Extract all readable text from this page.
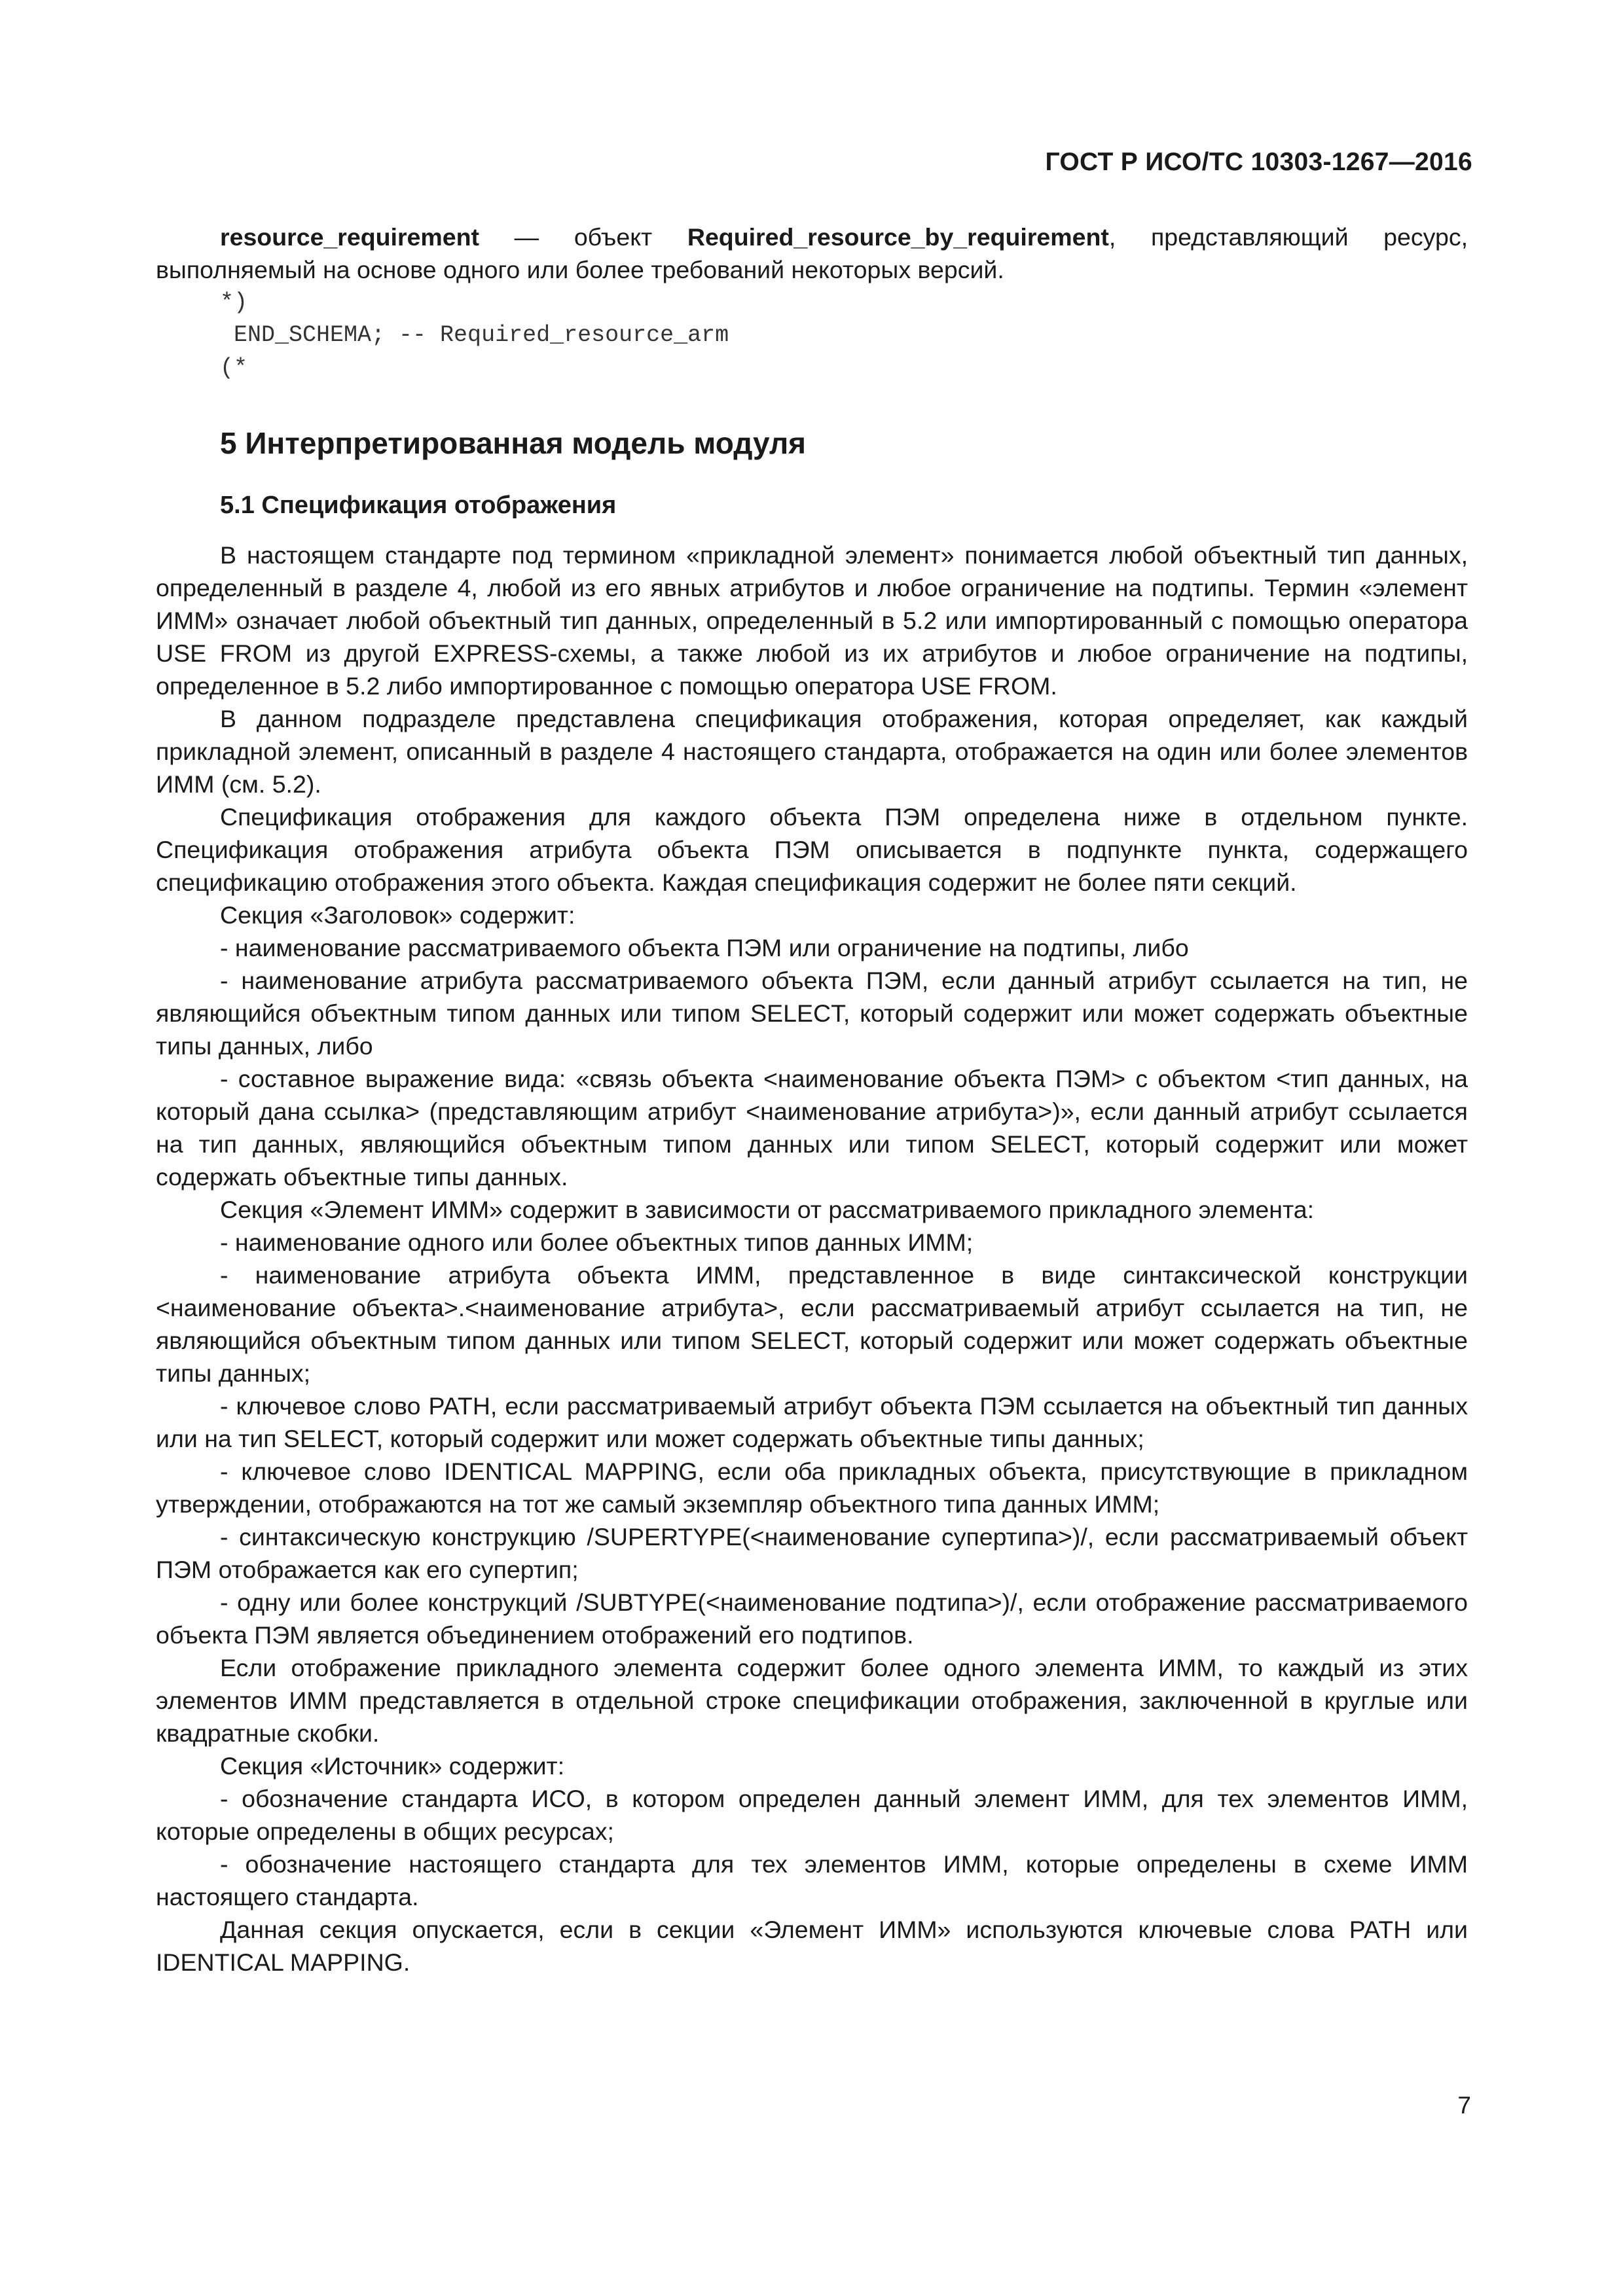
ГОСТ Р ИСО/ТС 10303-1267—2016

resource_requirement — объект Required_resource_by_requirement, представляющий ресурс, выполняемый на основе одного или более требований некоторых версий.

*)
END_SCHEMA; -- Required_resource_arm
(*
5 Интерпретированная модель модуля
5.1 Спецификация отображения

В настоящем стандарте под термином «прикладной элемент» понимается любой объектный тип данных, определенный в разделе 4, любой из его явных атрибутов и любое ограничение на подтипы. Термин «элемент ИММ» означает любой объектный тип данных, определенный в 5.2 или импортированный с помощью оператора USE FROM из другой EXPRESS-схемы, а также любой из их атрибутов и любое ограничение на подтипы, определенное в 5.2 либо импортированное с помощью оператора USE FROM.

В данном подразделе представлена спецификация отображения, которая определяет, как каждый прикладной элемент, описанный в разделе 4 настоящего стандарта, отображается на один или более элементов ИММ (см. 5.2).

Спецификация отображения для каждого объекта ПЭМ определена ниже в отдельном пункте. Спецификация отображения атрибута объекта ПЭМ описывается в подпункте пункта, содержащего спецификацию отображения этого объекта. Каждая спецификация содержит не более пяти секций.

Секция «Заголовок» содержит:

- наименование рассматриваемого объекта ПЭМ или ограничение на подтипы, либо

- наименование атрибута рассматриваемого объекта ПЭМ, если данный атрибут ссылается на тип, не являющийся объектным типом данных или типом SELECT, который содержит или может содержать объектные типы данных, либо

- составное выражение вида: «связь объекта <наименование объекта ПЭМ> с объектом <тип данных, на который дана ссылка> (представляющим атрибут <наименование атрибута>)», если данный атрибут ссылается на тип данных, являющийся объектным типом данных или типом SELECT, который содержит или может содержать объектные типы данных.

Секция «Элемент ИММ» содержит в зависимости от рассматриваемого прикладного элемента:

- наименование одного или более объектных типов данных ИММ;

- наименование атрибута объекта ИММ, представленное в виде синтаксической конструкции <наименование объекта>.<наименование атрибута>, если рассматриваемый атрибут ссылается на тип, не являющийся объектным типом данных или типом SELECT, который содержит или может содержать объектные типы данных;

- ключевое слово PATH, если рассматриваемый атрибут объекта ПЭМ ссылается на объектный тип данных или на тип SELECT, который содержит или может содержать объектные типы данных;

- ключевое слово IDENTICAL MAPPING, если оба прикладных объекта, присутствующие в прикладном утверждении, отображаются на тот же самый экземпляр объектного типа данных ИММ;

- синтаксическую конструкцию /SUPERTYPE(<наименование супертипа>)/, если рассматриваемый объект ПЭМ отображается как его супертип;

- одну или более конструкций /SUBTYPE(<наименование подтипа>)/, если отображение рассматриваемого объекта ПЭМ является объединением отображений его подтипов.

Если отображение прикладного элемента содержит более одного элемента ИММ, то каждый из этих элементов ИММ представляется в отдельной строке спецификации отображения, заключенной в круглые или квадратные скобки.

Секция «Источник» содержит:

- обозначение стандарта ИСО, в котором определен данный элемент ИММ, для тех элементов ИММ, которые определены в общих ресурсах;

- обозначение настоящего стандарта для тех элементов ИММ, которые определены в схеме ИММ настоящего стандарта.

Данная секция опускается, если в секции «Элемент ИММ» используются ключевые слова PATH или IDENTICAL MAPPING.

7
